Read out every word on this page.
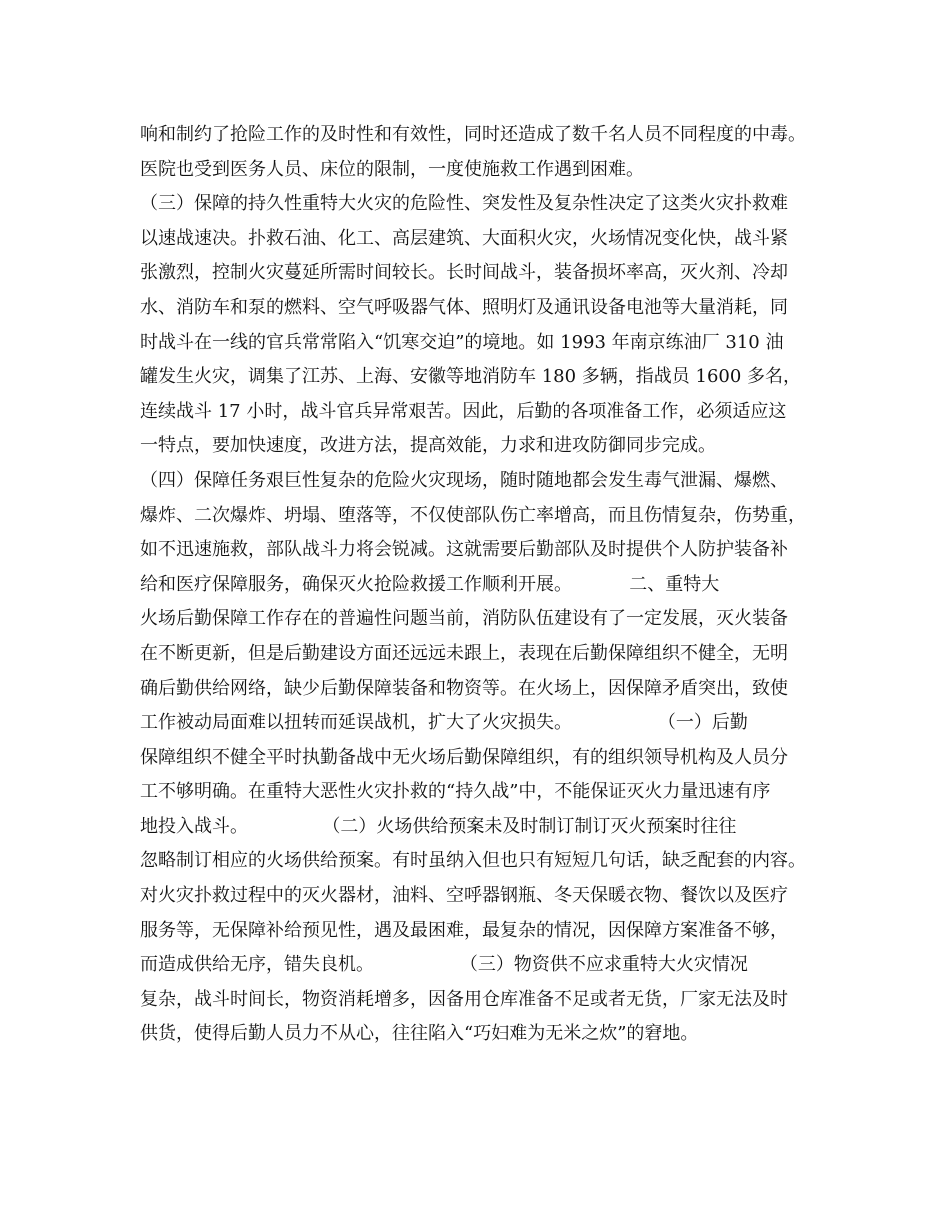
响和制约了抢险工作的及时性和有效性，同时还造成了数千名人员不同程度的中毒。
医院也受到医务人员、床位的限制，一度使施救工作遇到困难。
（三）保障的持久性重特大火灾的危险性、突发性及复杂性决定了这类火灾扑救难
以速战速决。扑救石油、化工、高层建筑、大面积火灾，火场情况变化快，战斗紧
张激烈，控制火灾蔓延所需时间较长。长时间战斗，装备损坏率高，灭火剂、冷却
水、消防车和泵的燃料、空气呼吸器气体、照明灯及通讯设备电池等大量消耗，同
时战斗在一线的官兵常常陷入“饥寒交迫”的境地。如 1993 年南京练油厂 310 油
罐发生火灾，调集了江苏、上海、安徽等地消防车 180 多辆，指战员 1600 多名，
连续战斗 17 小时，战斗官兵异常艰苦。因此，后勤的各项准备工作，必须适应这
一特点，要加快速度，改进方法，提高效能，力求和进攻防御同步完成。
（四）保障任务艰巨性复杂的危险火灾现场，随时随地都会发生毒气泄漏、爆燃、
爆炸、二次爆炸、坍塌、堕落等，不仅使部队伤亡率增高，而且伤情复杂，伤势重，
如不迅速施救，部队战斗力将会锐减。这就需要后勤部队及时提供个人防护装备补
给和医疗保障服务，确保灭火抢险救援工作顺利开展。          二、重特大
火场后勤保障工作存在的普遍性问题当前，消防队伍建设有了一定发展，灭火装备
在不断更新，但是后勤建设方面还远远未跟上，表现在后勤保障组织不健全，无明
确后勤供给网络，缺少后勤保障装备和物资等。在火场上，因保障矛盾突出，致使
工作被动局面难以扭转而延误战机，扩大了火灾损失。               （一）后勤
保障组织不健全平时执勤备战中无火场后勤保障组织，有的组织领导机构及人员分
工不够明确。在重特大恶性火灾扑救的“持久战”中，不能保证灭火力量迅速有序
地投入战斗。             （二）火场供给预案未及时制订制订灭火预案时往往
忽略制订相应的火场供给预案。有时虽纳入但也只有短短几句话，缺乏配套的内容。
对火灾扑救过程中的灭火器材，油料、空呼器钢瓶、冬天保暖衣物、餐饮以及医疗
服务等，无保障补给预见性，遇及最困难，最复杂的情况，因保障方案准备不够，
而造成供给无序，错失良机。               （三）物资供不应求重特大火灾情况
复杂，战斗时间长，物资消耗增多，因备用仓库准备不足或者无货，厂家无法及时
供货，使得后勤人员力不从心，往往陷入“巧妇难为无米之炊”的窘地。
